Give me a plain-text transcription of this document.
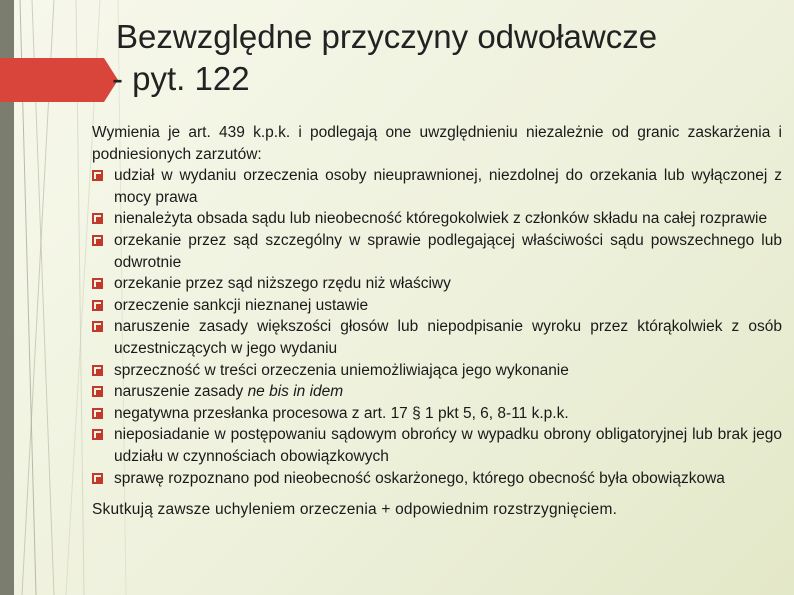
Bezwzględne przyczyny odwoławcze
- pyt. 122

Wymienia je art. 439 k.p.k. i podlegają one uwzględnieniu niezależnie od granic zaskarżenia i podniesionych zarzutów:

udział w wydaniu orzeczenia osoby nieuprawnionej, niezdolnej do orzekania lub wyłączonej z mocy prawa
nienależyta obsada sądu lub nieobecność któregokolwiek z członków składu na całej rozprawie
orzekanie przez sąd szczególny w sprawie podlegającej właściwości sądu powszechnego lub odwrotnie
orzekanie przez sąd niższego rzędu niż właściwy
orzeczenie sankcji nieznanej ustawie
naruszenie zasady większości głosów lub niepodpisanie wyroku przez którąkolwiek z osób uczestniczących w jego wydaniu
sprzeczność w treści orzeczenia uniemożliwiająca jego wykonanie
naruszenie zasady ne bis in idem
negatywna przesłanka procesowa z art. 17 § 1 pkt 5, 6, 8-11 k.p.k.
nieposiadanie w postępowaniu sądowym obrońcy w wypadku obrony obligatoryjnej lub brak jego udziału w czynnościach obowiązkowych
sprawę rozpoznano pod nieobecność oskarżonego, którego obecność była obowiązkowa

Skutkują zawsze uchyleniem orzeczenia + odpowiednim rozstrzygnięciem.
